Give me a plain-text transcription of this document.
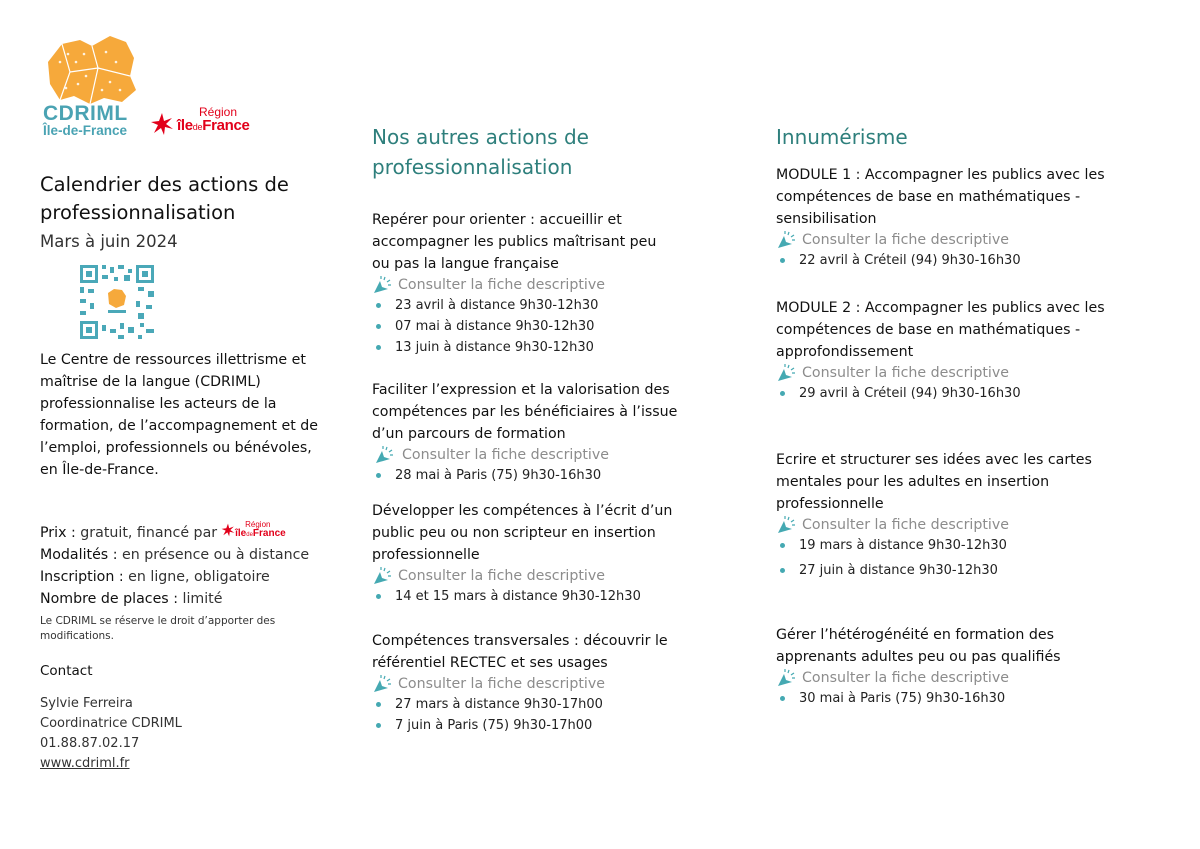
CDRIML
Île-de-France
Région
îledeFrance
Calendrier des actions de professionnalisation
Mars à juin 2024
Le Centre de ressources illettrisme et maîtrise de la langue (CDRIML) professionnalise les acteurs de la formation, de l’accompagnement et de l’emploi, professionnels ou bénévoles, en Île-de-France.
Prix :
gratuit, financé par
Région
îledeFrance
Modalités : en présence ou à distance
Inscription : en ligne, obligatoire
Nombre de places : limité
Le CDRIML se réserve le droit d’apporter des modifications.
Contact
Sylvie Ferreira
Coordinatrice CDRIML
01.88.87.02.17
www.cdriml.fr
Nos autres actions de professionnalisation
Repérer pour orienter : accueillir et accompagner les publics maîtrisant peu ou pas la langue française
Consulter la fiche descriptive
23 avril à distance 9h30-12h30
07 mai à distance 9h30-12h30
13 juin à distance 9h30-12h30
Faciliter l’expression et la valorisation des compétences par les bénéficiaires à l’issue d’un parcours de formation
Consulter la fiche descriptive
28 mai à Paris (75) 9h30-16h30
Développer les compétences à l’écrit d’un public peu ou non scripteur en insertion professionnelle
Consulter la fiche descriptive
14 et 15 mars à distance 9h30-12h30
Compétences transversales : découvrir le référentiel RECTEC et ses usages
Consulter la fiche descriptive
27 mars à distance 9h30-17h00
7 juin à Paris (75) 9h30-17h00
Innumérisme
MODULE 1 : Accompagner les publics avec les compétences de base en mathématiques - sensibilisation
Consulter la fiche descriptive
22 avril à Créteil (94) 9h30-16h30
MODULE 2 : Accompagner les publics avec les compétences de base en mathématiques - approfondissement
Consulter la fiche descriptive
29 avril à Créteil (94) 9h30-16h30
Ecrire et structurer ses idées avec les cartes mentales pour les adultes en insertion professionnelle
Consulter la fiche descriptive
19 mars à distance 9h30-12h30
27 juin à distance 9h30-12h30
Gérer l’hétérogénéité en formation des apprenants adultes peu ou pas qualifiés
Consulter la fiche descriptive
30 mai à Paris (75) 9h30-16h30
